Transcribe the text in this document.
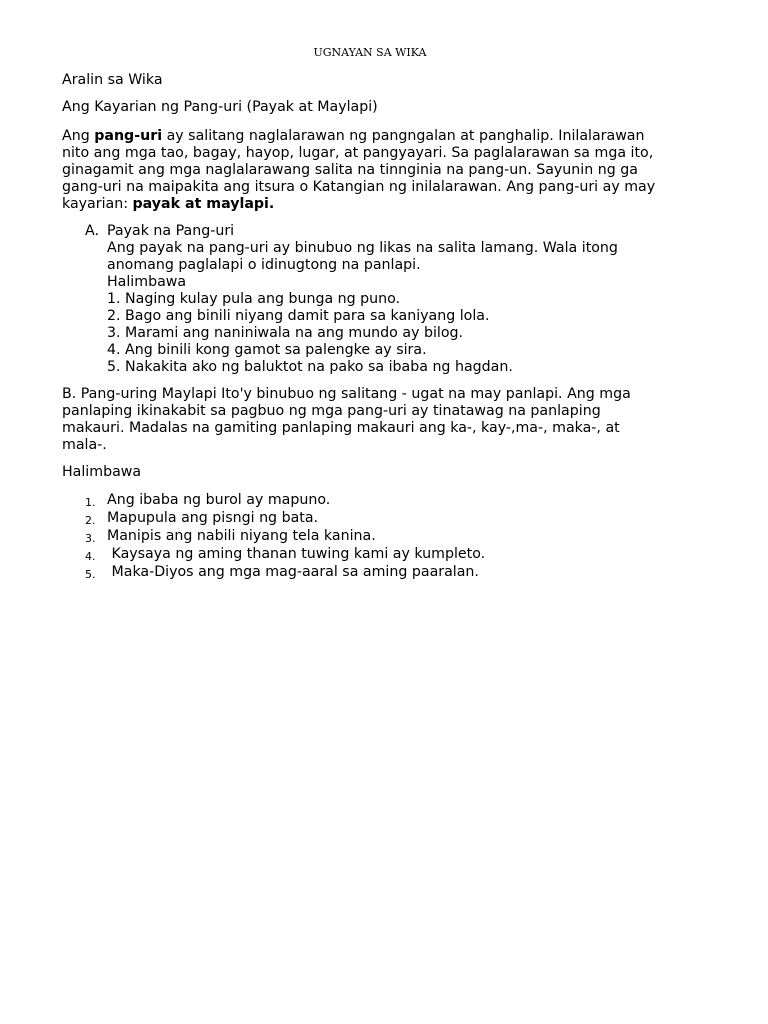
UGNAYAN SA WIKA

Aralin sa Wika

Ang Kayarian ng Pang-uri (Payak at Maylapi)

Ang pang-uri ay salitang naglalarawan ng pangngalan at panghalip. Inilalarawan

nito ang mga tao, bagay, hayop, lugar, at pangyayari. Sa paglalarawan sa mga ito,

ginagamit ang mga naglalarawang salita na tinnginia na pang-un. Sayunin ng ga

gang-uri na maipakita ang itsura o Katangian ng inilalarawan. Ang pang-uri ay may

kayarian: payak at maylapi.

A. Payak na Pang-uri

Ang payak na pang-uri ay binubuo ng likas na salita lamang. Wala itong

anomang paglalapi o idinugtong na panlapi.

Halimbawa

1. Naging kulay pula ang bunga ng puno.

2. Bago ang binili niyang damit para sa kaniyang lola.

3. Marami ang naniniwala na ang mundo ay bilog.

4. Ang binili kong gamot sa palengke ay sira.

5. Nakakita ako ng baluktot na pako sa ibaba ng hagdan.

B. Pang-uring Maylapi Ito'y binubuo ng salitang - ugat na may panlapi. Ang mga

panlaping ikinakabit sa pagbuo ng mga pang-uri ay tinatawag na panlaping

makauri. Madalas na gamiting panlaping makauri ang ka-, kay-,ma-, maka-, at

mala-.

Halimbawa

1. Ang ibaba ng burol ay mapuno.
2. Mapupula ang pisngi ng bata.
3. Manipis ang nabili niyang tela kanina.
4. Kaysaya ng aming thanan tuwing kami ay kumpleto.
5. Maka-Diyos ang mga mag-aaral sa aming paaralan.
